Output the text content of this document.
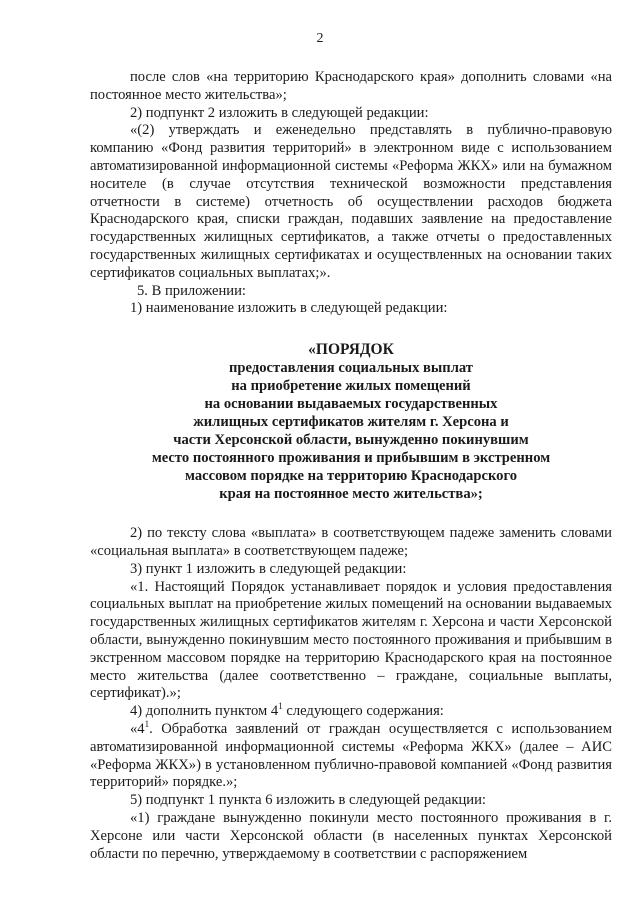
2

после слов «на территорию Краснодарского края» дополнить словами «на постоянное место жительства»;

2) подпункт 2 изложить в следующей редакции:

«(2) утверждать и еженедельно представлять в публично-правовую компанию «Фонд развития территорий» в электронном виде с использованием автоматизированной информационной системы «Реформа ЖКХ» или на бумажном носителе (в случае отсутствия технической возможности представления отчетности в системе) отчетность об осуществлении расходов бюджета Краснодарского края, списки граждан, подавших заявление на предоставление государственных жилищных сертификатов, а также отчеты о предоставленных государственных жилищных сертификатах и осуществленных на основании таких сертификатов социальных выплатах;».

5. В приложении:

1) наименование изложить в следующей редакции:

«ПОРЯДОК
предоставления социальных выплат
на приобретение жилых помещений
на основании выдаваемых государственных
жилищных сертификатов жителям г. Херсона и
части Херсонской области, вынужденно покинувшим
место постоянного проживания и прибывшим в экстренном
массовом порядке на территорию Краснодарского
края на постоянное место жительства»;

2) по тексту слова «выплата» в соответствующем падеже заменить словами «социальная выплата» в соответствующем падеже;

3) пункт 1 изложить в следующей редакции:

«1. Настоящий Порядок устанавливает порядок и условия предоставления социальных выплат на приобретение жилых помещений на основании выдаваемых государственных жилищных сертификатов жителям г. Херсона и части Херсонской области, вынужденно покинувшим место постоянного проживания и прибывшим в экстренном массовом порядке на территорию Краснодарского края на постоянное место жительства (далее соответственно – граждане, социальные выплаты, сертификат).»;

4) дополнить пунктом $4^1$ следующего содержания:

«$4^1$. Обработка заявлений от граждан осуществляется с использованием автоматизированной информационной системы «Реформа ЖКХ» (далее – АИС «Реформа ЖКХ») в установленном публично-правовой компанией «Фонд развития территорий» порядке.»;

5) подпункт 1 пункта 6 изложить в следующей редакции:

«1) граждане вынужденно покинули место постоянного проживания в г. Херсоне или части Херсонской области (в населенных пунктах Херсонской области по перечню, утверждаемому в соответствии с распоряжением
